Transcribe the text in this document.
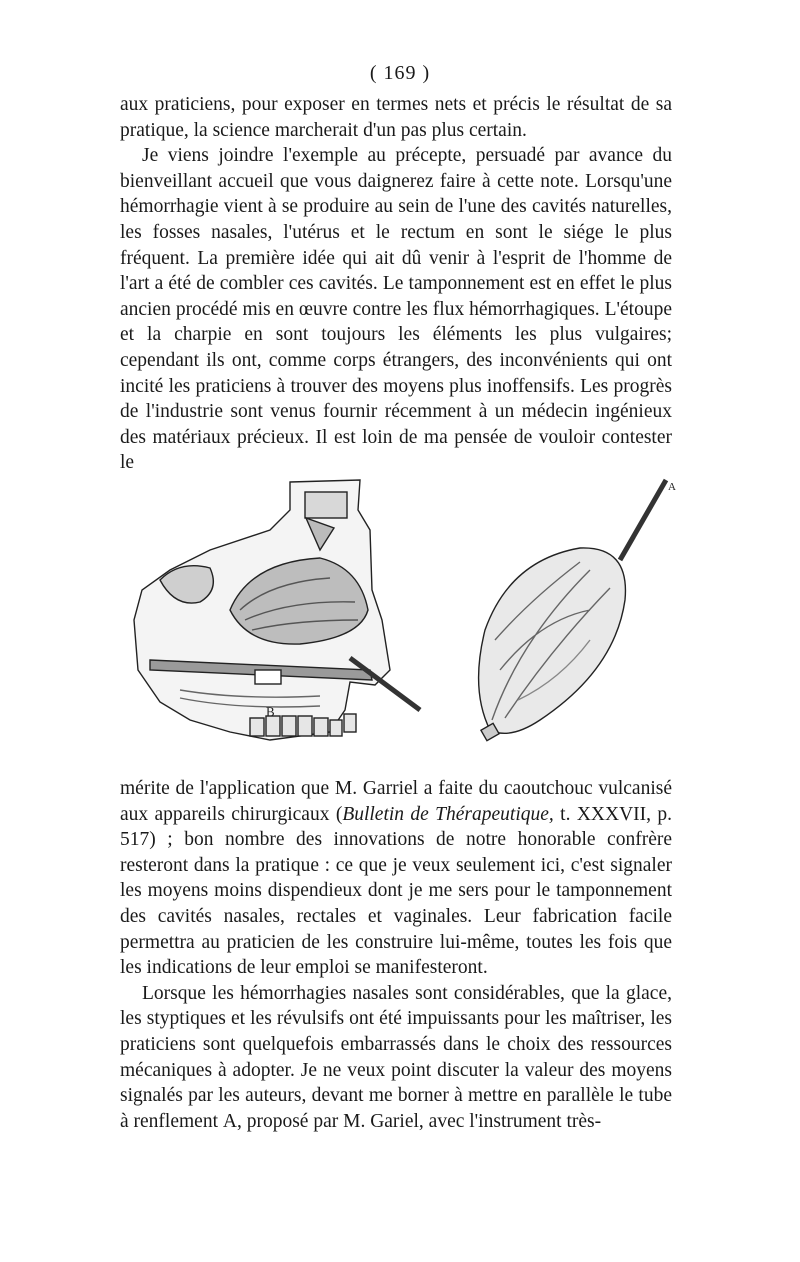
( 169 )

aux praticiens, pour exposer en termes nets et précis le résultat de sa pratique, la science marcherait d'un pas plus certain.

Je viens joindre l'exemple au précepte, persuadé par avance du bienveillant accueil que vous daignerez faire à cette note. Lorsqu'une hémorrhagie vient à se produire au sein de l'une des cavités naturelles, les fosses nasales, l'utérus et le rectum en sont le siége le plus fréquent. La première idée qui ait dû venir à l'esprit de l'homme de l'art a été de combler ces cavités. Le tamponnement est en effet le plus ancien procédé mis en œuvre contre les flux hémorrhagiques. L'étoupe et la charpie en sont toujours les éléments les plus vulgaires; cependant ils ont, comme corps étrangers, des inconvénients qui ont incité les praticiens à trouver des moyens plus inoffensifs. Les progrès de l'industrie sont venus fournir récemment à un médecin ingénieux des matériaux précieux. Il est loin de ma pensée de vouloir contester le

B
A

mérite de l'application que M. Garriel a faite du caoutchouc vulcanisé aux appareils chirurgicaux (Bulletin de Thérapeutique, t. XXXVII, p. 517) ; bon nombre des innovations de notre honorable confrère resteront dans la pratique : ce que je veux seulement ici, c'est signaler les moyens moins dispendieux dont je me sers pour le tamponnement des cavités nasales, rectales et vaginales. Leur fabrication facile permettra au praticien de les construire lui-même, toutes les fois que les indications de leur emploi se manifesteront.

Lorsque les hémorrhagies nasales sont considérables, que la glace, les styptiques et les révulsifs ont été impuissants pour les maîtriser, les praticiens sont quelquefois embarrassés dans le choix des ressources mécaniques à adopter. Je ne veux point discuter la valeur des moyens signalés par les auteurs, devant me borner à mettre en parallèle le tube à renflement A, proposé par M. Gariel, avec l'instrument très-
